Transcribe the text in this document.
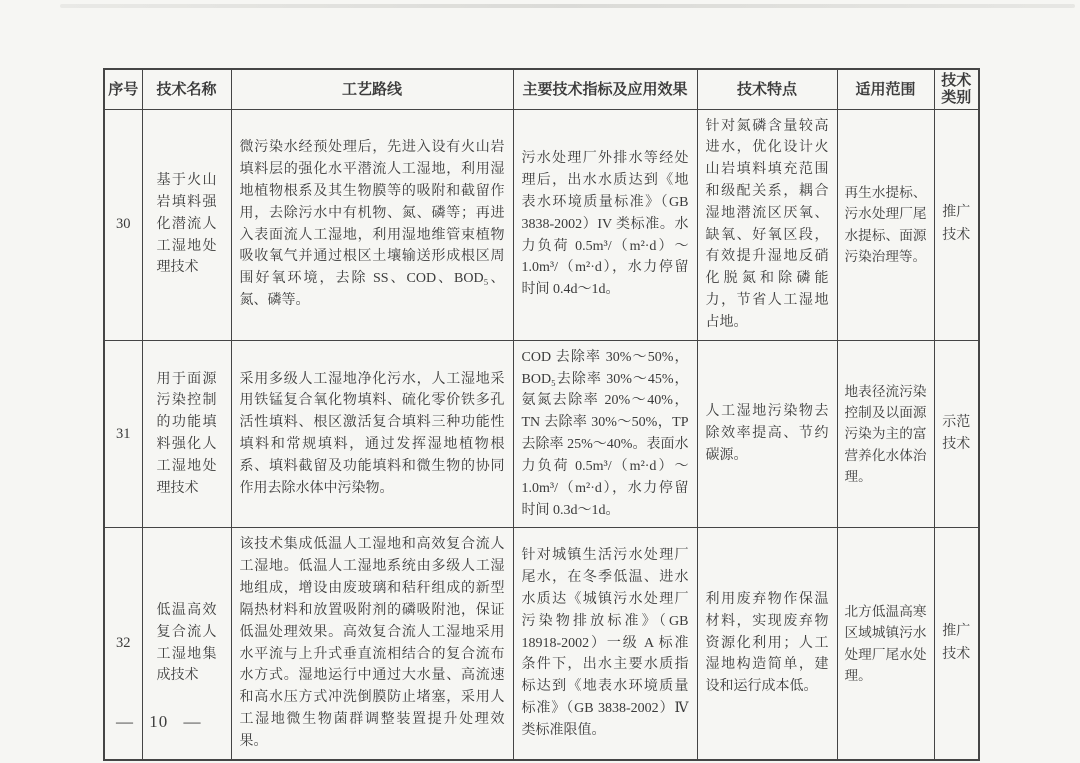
序号	技术名称	工艺路线	主要技术指标及应用效果	技术特点	适用范围	技术类别
30	基于火山岩填料强化潜流人工湿地处理技术	微污染水经预处理后，先进入设有火山岩填料层的强化水平潜流人工湿地，利用湿地植物根系及其生物膜等的吸附和截留作用，去除污水中有机物、氮、磷等；再进入表面流人工湿地，利用湿地维管束植物吸收氧气并通过根区土壤输送形成根区周围好氧环境，去除 SS、COD、BOD₅、氮、磷等。	污水处理厂外排水等经处理后，出水水质达到《地表水环境质量标准》（GB 3838-2002）IV 类标准。水力负荷 0.5m³/（m²·d）～1.0m³/（m²·d），水力停留时间 0.4d～1d。	针对氮磷含量较高进水，优化设计火山岩填料填充范围和级配关系，耦合湿地潜流区厌氧、缺氧、好氧区段，有效提升湿地反硝化脱氮和除磷能力，节省人工湿地占地。	再生水提标、污水处理厂尾水提标、面源污染治理等。	推广技术
31	用于面源污染控制的功能填料强化人工湿地处理技术	采用多级人工湿地净化污水，人工湿地采用铁锰复合氧化物填料、硫化零价铁多孔活性填料、根区激活复合填料三种功能性填料和常规填料，通过发挥湿地植物根系、填料截留及功能填料和微生物的协同作用去除水体中污染物。	COD 去除率 30%～50%，BOD₅去除率 30%～45%，氨氮去除率 20%～40%，TN 去除率 30%～50%，TP 去除率 25%～40%。表面水力负荷 0.5m³/（m²·d）～1.0m³/（m²·d），水力停留时间 0.3d～1d。	人工湿地污染物去除效率提高、节约碳源。	地表径流污染控制及以面源污染为主的富营养化水体治理。	示范技术
32	低温高效复合流人工湿地集成技术	该技术集成低温人工湿地和高效复合流人工湿地。低温人工湿地系统由多级人工湿地组成，增设由废玻璃和秸秆组成的新型隔热材料和放置吸附剂的磷吸附池，保证低温处理效果。高效复合流人工湿地采用水平流与上升式垂直流相结合的复合流布水方式。湿地运行中通过大水量、高流速和高水压方式冲洗倒膜防止堵塞，采用人工湿地微生物菌群调整装置提升处理效果。	针对城镇生活污水处理厂尾水，在冬季低温、进水水质达《城镇污水处理厂污染物排放标准》（GB 18918-2002）一级 A 标准条件下，出水主要水质指标达到《地表水环境质量标准》（GB 3838-2002）Ⅳ类标准限值。	利用废弃物作保温材料，实现废弃物资源化利用；人工湿地构造简单，建设和运行成本低。	北方低温高寒区域城镇污水处理厂尾水处理。	推广技术
— 10 —
